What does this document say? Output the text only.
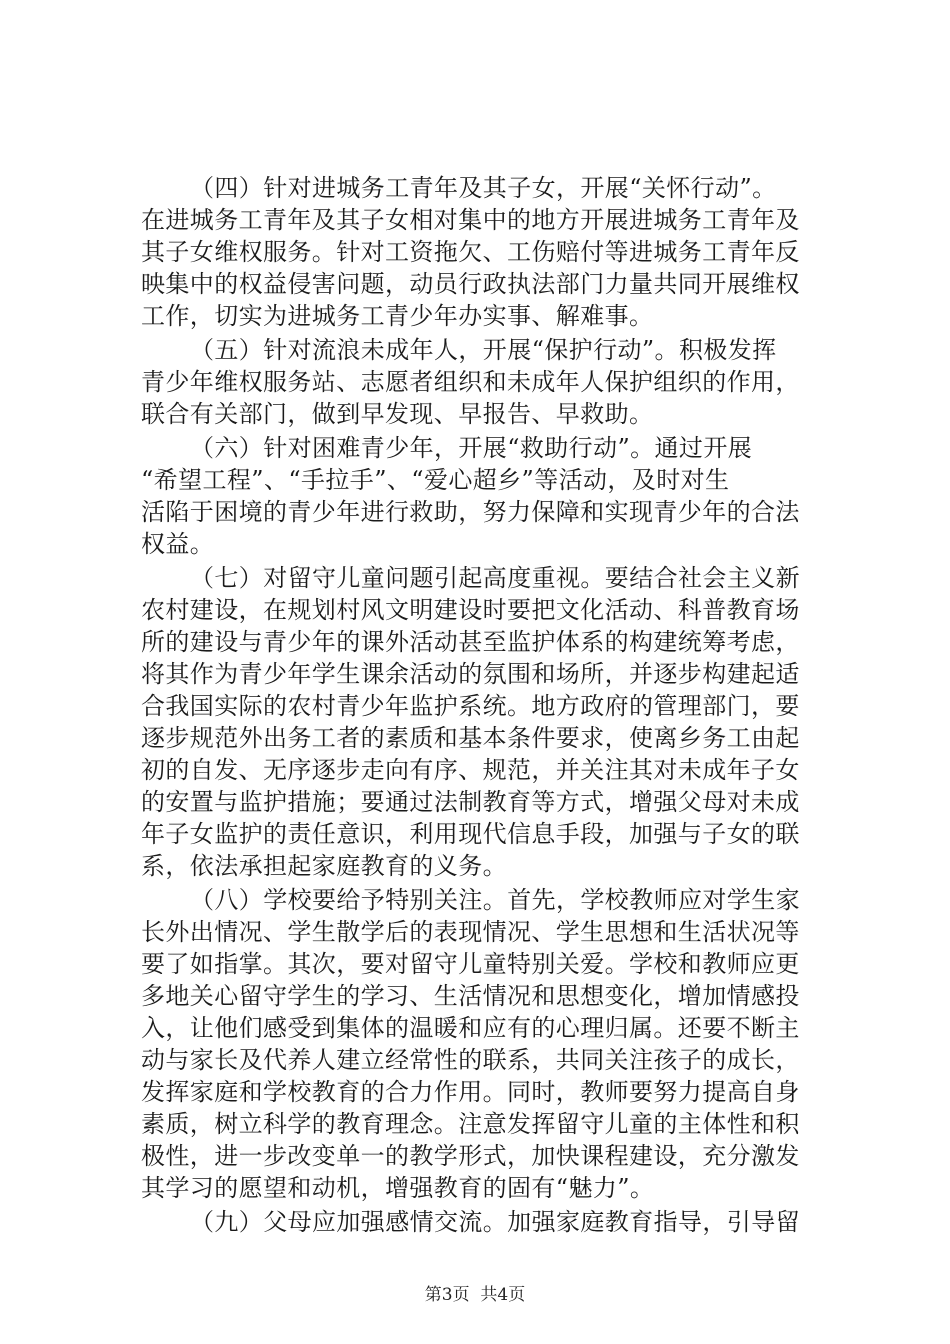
（四）针对进城务工青年及其子女，开展“关怀行动”。
在进城务工青年及其子女相对集中的地方开展进城务工青年及
其子女维权服务。针对工资拖欠、工伤赔付等进城务工青年反
映集中的权益侵害问题，动员行政执法部门力量共同开展维权
工作，切实为进城务工青少年办实事、解难事。
（五）针对流浪未成年人，开展“保护行动”。积极发挥
青少年维权服务站、志愿者组织和未成年人保护组织的作用，
联合有关部门，做到早发现、早报告、早救助。
（六）针对困难青少年，开展“救助行动”。通过开展
“希望工程”、“手拉手”、“爱心超乡”等活动，及时对生
活陷于困境的青少年进行救助，努力保障和实现青少年的合法
权益。
（七）对留守儿童问题引起高度重视。要结合社会主义新
农村建设，在规划村风文明建设时要把文化活动、科普教育场
所的建设与青少年的课外活动甚至监护体系的构建统筹考虑，
将其作为青少年学生课余活动的氛围和场所，并逐步构建起适
合我国实际的农村青少年监护系统。地方政府的管理部门，要
逐步规范外出务工者的素质和基本条件要求，使离乡务工由起
初的自发、无序逐步走向有序、规范，并关注其对未成年子女
的安置与监护措施；要通过法制教育等方式，增强父母对未成
年子女监护的责任意识，利用现代信息手段，加强与子女的联
系，依法承担起家庭教育的义务。
（八）学校要给予特别关注。首先，学校教师应对学生家
长外出情况、学生散学后的表现情况、学生思想和生活状况等
要了如指掌。其次，要对留守儿童特别关爱。学校和教师应更
多地关心留守学生的学习、生活情况和思想变化，增加情感投
入，让他们感受到集体的温暖和应有的心理归属。还要不断主
动与家长及代养人建立经常性的联系，共同关注孩子的成长，
发挥家庭和学校教育的合力作用。同时，教师要努力提高自身
素质，树立科学的教育理念。注意发挥留守儿童的主体性和积
极性，进一步改变单一的教学形式，加快课程建设，充分激发
其学习的愿望和动机，增强教育的固有“魅力”。
（九）父母应加强感情交流。加强家庭教育指导，引导留
第3页  共4页
